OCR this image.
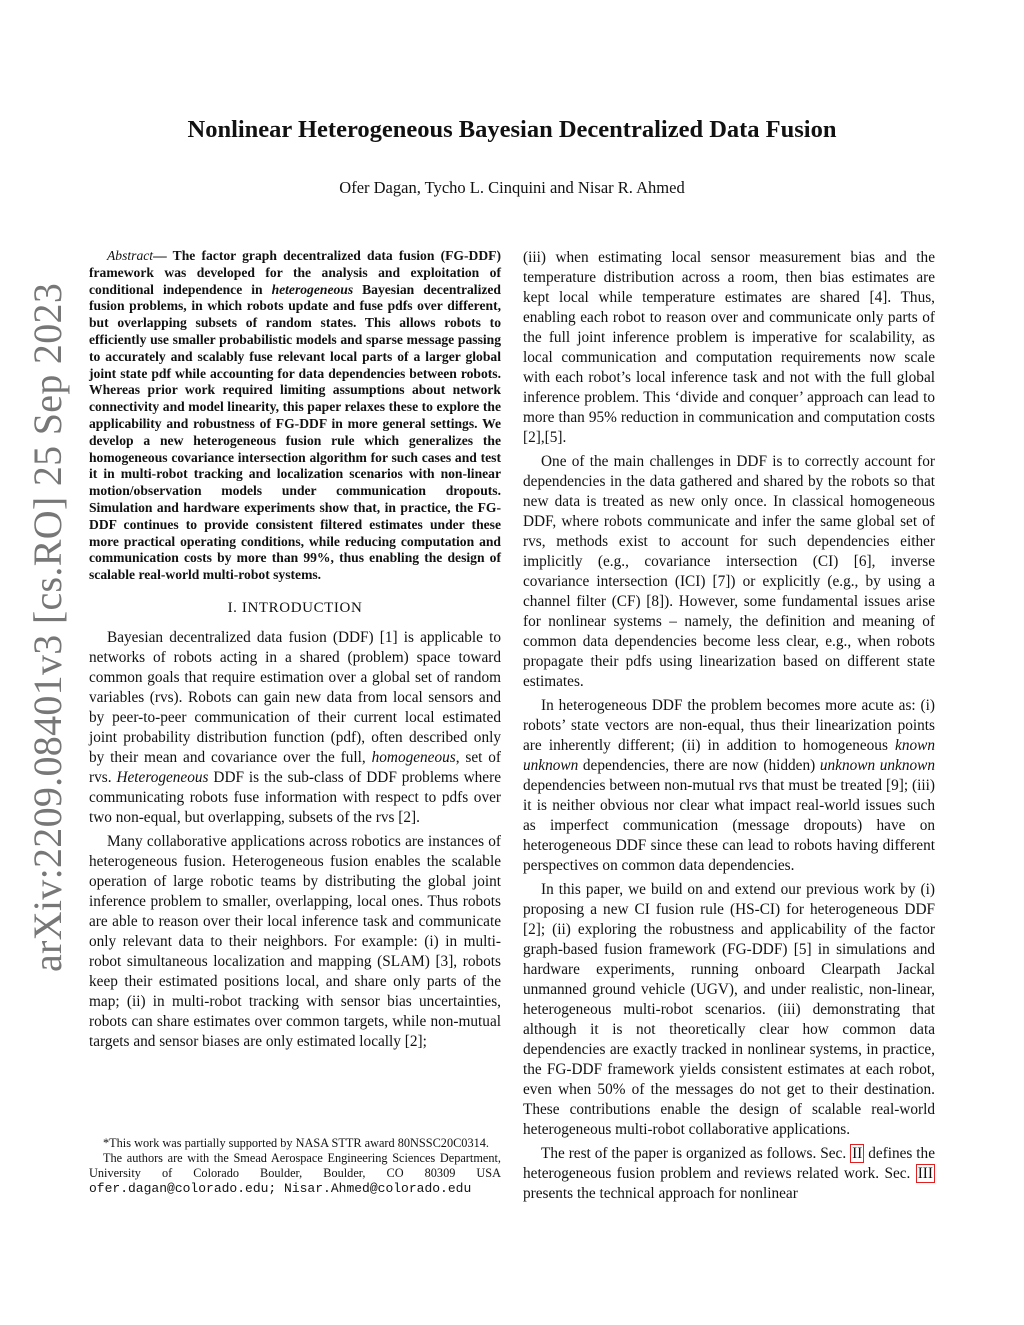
arXiv:2209.08401v3 [cs.RO] 25 Sep 2023
Nonlinear Heterogeneous Bayesian Decentralized Data Fusion
Ofer Dagan, Tycho L. Cinquini and Nisar R. Ahmed

Abstract— The factor graph decentralized data fusion (FG-DDF) framework was developed for the analysis and exploitation of conditional independence in heterogeneous Bayesian decentralized fusion problems, in which robots update and fuse pdfs over different, but overlapping subsets of random states. This allows robots to efficiently use smaller probabilistic models and sparse message passing to accurately and scalably fuse relevant local parts of a larger global joint state pdf while accounting for data dependencies between robots. Whereas prior work required limiting assumptions about network connectivity and model linearity, this paper relaxes these to explore the applicability and robustness of FG-DDF in more general settings. We develop a new heterogeneous fusion rule which generalizes the homogeneous covariance intersection algorithm for such cases and test it in multi-robot tracking and localization scenarios with non-linear motion/observation models under communication dropouts. Simulation and hardware experiments show that, in practice, the FG-DDF continues to provide consistent filtered estimates under these more practical operating conditions, while reducing computation and communication costs by more than 99%, thus enabling the design of scalable real-world multi-robot systems.

I. INTRODUCTION

Bayesian decentralized data fusion (DDF) [1] is applicable to networks of robots acting in a shared (problem) space toward common goals that require estimation over a global set of random variables (rvs). Robots can gain new data from local sensors and by peer-to-peer communication of their current local estimated joint probability distribution function (pdf), often described only by their mean and covariance over the full, homogeneous, set of rvs. Heterogeneous DDF is the sub-class of DDF problems where communicating robots fuse information with respect to pdfs over two non-equal, but overlapping, subsets of the rvs [2].

Many collaborative applications across robotics are instances of heterogeneous fusion. Heterogeneous fusion enables the scalable operation of large robotic teams by distributing the global joint inference problem to smaller, overlapping, local ones. Thus robots are able to reason over their local inference task and communicate only relevant data to their neighbors. For example: (i) in multi-robot simultaneous localization and mapping (SLAM) [3], robots keep their estimated positions local, and share only parts of the map; (ii) in multi-robot tracking with sensor bias uncertainties, robots can share estimates over common targets, while non-mutual targets and sensor biases are only estimated locally [2];

*This work was partially supported by NASA STTR award 80NSSC20C0314.

The authors are with the Smead Aerospace Engineering Sciences Department, University of Colorado Boulder, Boulder, CO 80309 USA ofer.dagan@colorado.edu; Nisar.Ahmed@colorado.edu

(iii) when estimating local sensor measurement bias and the temperature distribution across a room, then bias estimates are kept local while temperature estimates are shared [4]. Thus, enabling each robot to reason over and communicate only parts of the full joint inference problem is imperative for scalability, as local communication and computation requirements now scale with each robot’s local inference task and not with the full global inference problem. This ‘divide and conquer’ approach can lead to more than 95% reduction in communication and computation costs [2],[5].

One of the main challenges in DDF is to correctly account for dependencies in the data gathered and shared by the robots so that new data is treated as new only once. In classical homogeneous DDF, where robots communicate and infer the same global set of rvs, methods exist to account for such dependencies either implicitly (e.g., covariance intersection (CI) [6], inverse covariance intersection (ICI) [7]) or explicitly (e.g., by using a channel filter (CF) [8]). However, some fundamental issues arise for nonlinear systems – namely, the definition and meaning of common data dependencies become less clear, e.g., when robots propagate their pdfs using linearization based on different state estimates.

In heterogeneous DDF the problem becomes more acute as: (i) robots’ state vectors are non-equal, thus their linearization points are inherently different; (ii) in addition to homogeneous known unknown dependencies, there are now (hidden) unknown unknown dependencies between non-mutual rvs that must be treated [9]; (iii) it is neither obvious nor clear what impact real-world issues such as imperfect communication (message dropouts) have on heterogeneous DDF since these can lead to robots having different perspectives on common data dependencies.

In this paper, we build on and extend our previous work by (i) proposing a new CI fusion rule (HS-CI) for heterogeneous DDF [2]; (ii) exploring the robustness and applicability of the factor graph-based fusion framework (FG-DDF) [5] in simulations and hardware experiments, running onboard Clearpath Jackal unmanned ground vehicle (UGV), and under realistic, non-linear, heterogeneous multi-robot scenarios. (iii) demonstrating that although it is not theoretically clear how common data dependencies are exactly tracked in nonlinear systems, in practice, the FG-DDF framework yields consistent estimates at each robot, even when 50% of the messages do not get to their destination. These contributions enable the design of scalable real-world heterogeneous multi-robot collaborative applications.

The rest of the paper is organized as follows. Sec. II defines the heterogeneous fusion problem and reviews related work. Sec. III presents the technical approach for nonlinear
